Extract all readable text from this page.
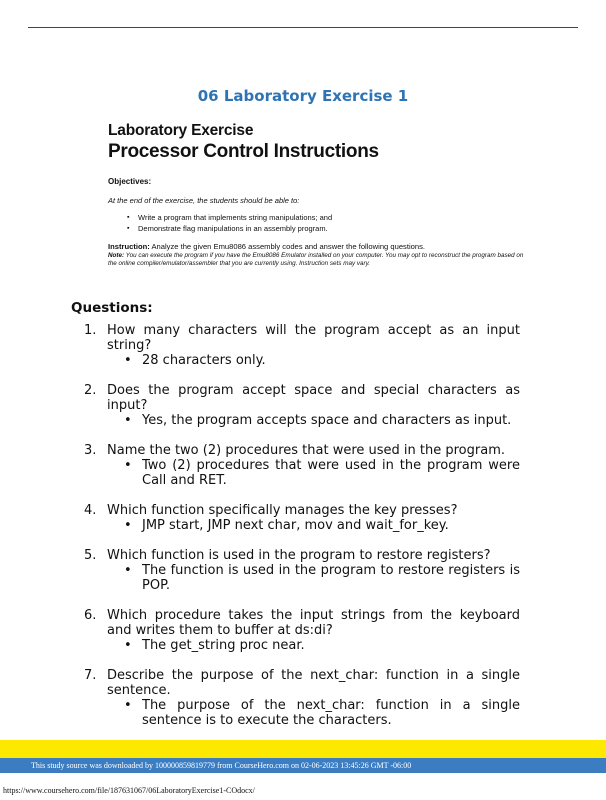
06 Laboratory Exercise 1
Laboratory Exercise
Processor Control Instructions
Objectives:
At the end of the exercise, the students should be able to:
▪ Write a program that implements string manipulations; and
▪ Demonstrate flag manipulations in an assembly program.
Instruction: Analyze the given Emu8086 assembly codes and answer the following questions.
Note: You can execute the program if you have the Emu8086 Emulator installed on your computer. You may opt to reconstruct the program based on the online compiler/emulator/assembler that you are currently using. Instruction sets may vary.
Questions:
1. How many characters will the program accept as an input string?
• 28 characters only.
2. Does the program accept space and special characters as input?
• Yes, the program accepts space and characters as input.
3. Name the two (2) procedures that were used in the program.
• Two (2) procedures that were used in the program were Call and RET.
4. Which function specifically manages the key presses?
• JMP start, JMP next char, mov and wait_for_key.
5. Which function is used in the program to restore registers?
• The function is used in the program to restore registers is POP.
6. Which procedure takes the input strings from the keyboard and writes them to buffer at ds:di?
• The get_string proc near.
7. Describe the purpose of the next_char: function in a single sentence.
• The purpose of the next_char: function in a single sentence is to execute the characters.
This study source was downloaded by 100000859819779 from CourseHero.com on 02-06-2023 13:45:26 GMT -06:00
https://www.coursehero.com/file/187631067/06LaboratoryExercise1-COdocx/
